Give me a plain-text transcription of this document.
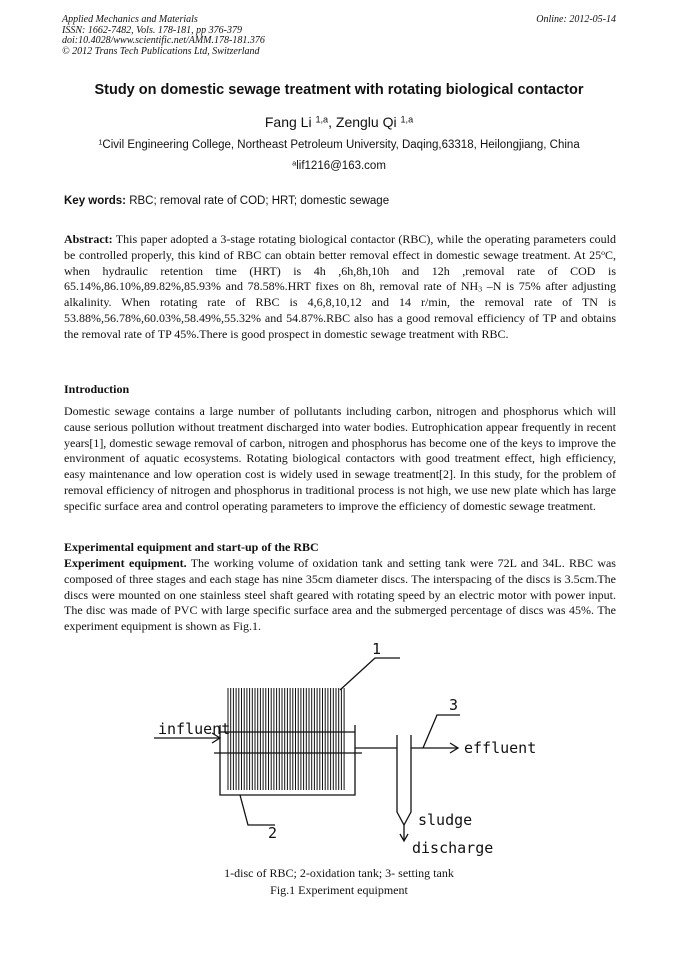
Applied Mechanics and Materials
ISSN: 1662-7482, Vols. 178-181, pp 376-379
doi:10.4028/www.scientific.net/AMM.178-181.376
© 2012 Trans Tech Publications Ltd, Switzerland
Online: 2012-05-14
Study on domestic sewage treatment with rotating biological contactor
Fang Li $^{1,a}$, Zenglu Qi $^{1,a}$
$^1$Civil Engineering College, Northeast Petroleum University, Daqing,63318, Heilongjiang, China
$^a$lif1216@163.com
Key words: RBC; removal rate of COD; HRT; domestic sewage

Abstract: This paper adopted a 3-stage rotating biological contactor (RBC), while the operating parameters could be controlled properly, this kind of RBC can obtain better removal effect in domestic sewage treatment. At 25$^o$C, when hydraulic retention time (HRT) is 4h ,6h,8h,10h and 12h ,removal rate of COD is 65.14%,86.10%,89.82%,85.93% and 78.58%.HRT fixes on 8h, removal rate of $NH_3$ –N is 75% after adjusting alkalinity. When rotating rate of RBC is 4,6,8,10,12 and 14 r/min, the removal rate of TN is 53.88%,56.78%,60.03%,58.49%,55.32% and 54.87%.RBC also has a good removal efficiency of TP and obtains the removal rate of TP 45%.There is good prospect in domestic sewage treatment with RBC.

Introduction

Domestic sewage contains a large number of pollutants including carbon, nitrogen and phosphorus which will cause serious pollution without treatment discharged into water bodies. Eutrophication appear frequently in recent years[1], domestic sewage removal of carbon, nitrogen and phosphorus has become one of the keys to improve the environment of aquatic ecosystems. Rotating biological contactors with good treatment effect, high efficiency, easy maintenance and low operation cost is widely used in sewage treatment[2]. In this study, for the problem of removal efficiency of nitrogen and phosphorus in traditional process is not high, we use new plate which has large specific surface area and control operating parameters to improve the efficiency of domestic sewage treatment.

Experimental equipment and start-up of the RBC

Experiment equipment. The working volume of oxidation tank and setting tank were 72L and 34L. RBC was composed of three stages and each stage has nine 35cm diameter discs. The interspacing of the discs is 3.5cm.The discs were mounted on one stainless steel shaft geared with rotating speed by an electric motor with power input. The disc was made of PVC with large specific surface area and the submerged percentage of discs was 45%. The experiment equipment is shown as Fig.1.

1
2
3
influent
effluent
sludge
discharge
1-disc of RBC; 2-oxidation tank; 3- setting tank
Fig.1 Experiment equipment
